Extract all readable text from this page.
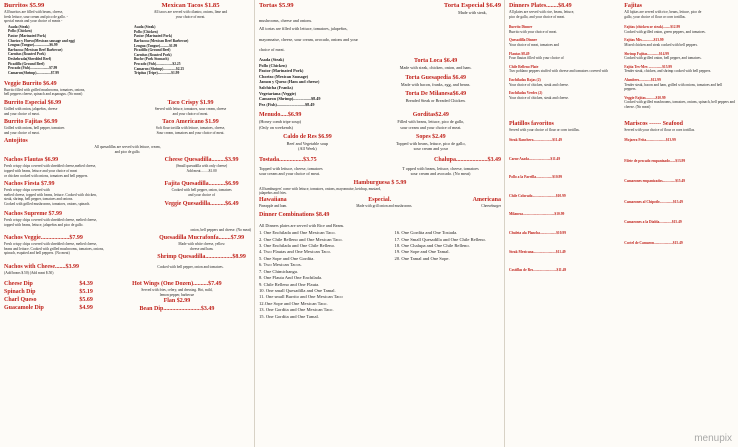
Burritos $5.99
All burritos are filled with beans, cheese,
fresh lettuce, sour cream and pico de gallo. -
special meats and your choice of meats -
Asada (Steak)
Pollo (Chicken)
Pastor (Marinated Pork)
Chorizo y Huevo(Mexican sausage and egg)
Lengua (Tongue).................$6.99
Barbacoa (Mexican Beef Barbecue)
Carnitas (Roasted Pork)
Deshebrada(Shredded Beef)
Picadillo (Ground Beef)
Pescado (Fish).....................$7.99
Camaron(Shrimp)................$7.99
Mexican Tacos $1.85
All tacos are served with cilantro, onions, lime and
your choice of meat.
Asada (Steak)
Pollo (Chicken)
Pastor (Marinated Pork)
Barbacoa (Mexican Beef Barbecue)
Lengua (Tongue)..........$1.99
Picadillo (Ground Beef)
Carnitas (Roasted Pork)
Buche (Pork Stomach)
Pescado (Fish)..................$2.25
Camaron (Shrimp)..............$2.25
Tripitas (Tripe)...............$1.99
Veggie Burrito $6.49
Burrito filled with grilled mushrooms, tomatoes, onions,
bell peppers cheese, spinach and asparagus. (No meat)
Burrito Especial $6.99
Grilled with onion, jalapeños, cheese
and your choice of meat.
Taco Crispy $1.99
Served with lettuce, tomatoes, sour cream, cheese
and your choice of meat.
Burrito Fajitas $6.99
Grilled with onions, bell pepper, tomatoes
and your choice of meat.
Taco Americano $1.99
Soft flour tortilla with lettuce, tomatoes, cheese,
Sour cream, tomatoes and your choice of meat.
Antojitos
All quesadillas are served with lettuce, cream,
and pico de gallo.
Nachos Flautas $6.99
Fresh crispy chips covered with shredded cheese,melted cheese,
topped with beans, lettuce and your choice of meat
or chicken cooked with onions, tomatoes and bell peppers.
Cheese Quesadilla.........$3.99
(Small quesadilla with only cheese)
Add meat.........$1.00
Nachos Fiesta $7.99
Fresh crispy chips covered with
melted cheese, topped with beans, lettuce. Cooked with chicken,
steak, shrimp, bell pepper, tomatoes and onions.
Cooked with grilled mushrooms, tomatoes, onions, spinach.
Fajita Quesadilla...........$6.99
Cooked with bell pepper, onion, tomatoes
and your choice of
Veggie Quesadilla..........$6.49
Nachos Supreme $7.99
Fresh crispy chips covered with shredded cheese, melted cheese,
topped with beans, lettuce, jalapeños and pico de gallo.
onion, bell peppers and cheese. (No meat)
Nachos Veggie...................$7.99
Fresh crispy chips covered with shredded cheese, melted cheese,
beans and lettuce. Cooked with grilled mushrooms, tomatoes, onions,
spinach, esquited and bell peppers. (No meat)
Quesadilla Mucrafonfa........$7.99
Made with white cheese, yellow
cheese and ham.
Shrimp Quesadilla..................$8.99
Nachos with Cheese.......$3.99
(Add beans $.50) (Add meat $.50)
Cooked with bell pepper, onion and tomatoes.
Cheese Dip	$4.39
Spinach Dip	$5.19
Charl Queso	$5.69
Guacamole Dip	$4.99
Hot Wings (One Dozen)..........$7.49
Served with fries, celery, and dressing. Hot, mild,
lemon pepper, barbecue
Flan $2.99
Bean Dip.........................$3.49
Tortas $5.99	Torta Especial $6.49
Made with steak,
mushrooms, cheese and onions.
All tortas are filled with lettuce, tomatoes, jalapeños,
mayonnaise, cheese, sour cream, avocado, onions and your
choice of meat.
Asada (Steak)
Pollo (Chicken)
Pastor (Marinated Pork)
Chorizo (Mexican Sausage)
Jamon y Queso (Ham and cheese)
Salchicha (Franks)
Vegetariana (Veggie)
Camaron (Shrimp).................$8.49
Pez (Fish)...........................$8.49
Torta Loca $6.49
Made with steak, chicken, onion, and ham.
Torta Guesapedia $6.49
Made with bacon, franks, egg, and beans.
Torta De Milanesa$6.49
Breaded Steak or Breaded Chicken.
Menudo.....$6.99
(Honey comb tripe soup)
(Only on weekends)
Gorditas$2.49
Filled with beans, lettuce, pico de gallo,
sour cream and your choice of meat.
Caldo de Res $6.99
Beef and Vegetable soup
(All Week)
Sopes $2.49
Topped with beans, lettuce, pico de gallo,
sour cream and your
Tostada................$3.75	Chalupa.....................$3.49
Topped with lettuce, cheese, tomatoes
sour cream and your choice of meat.
T opped with beans, lettuce, cheese, tomatoes
sour cream and avocado. (No meat)
Hamburguesa $ 5.99
All hamburgers' come with lettuce, tomatoes, onions, mayonnaise, ketchup, mustard,
jalapeños and fries.
Hawaiiana	Especial.	Americana
Pineapple and ham.	Made with grill onion and mushrooms.	Cheeseburger
Dinner Combinations $8.49
All Dinners plates are served with Rice and Beans.
1. One Enchilada and One Mexican Taco.
2. One Chile Relleno and One Mexican Taco.
3. One Enchilada and One Chile Relleno.
4. Two Flautas and One Mexican Taco.
5. One Sope and One Gordita.
6. Two Mexican Tacos.
7. One Chimichanga.
8. One Flauta And One Enchilada.
9. Chile Relleno and One Flauta.
10. One small Quesadilla and One Tamal.
11. One small Burrito and One Mexican Taco
12.One Sope and One Mexican Taco.
13. One Gordita and One Mexican Taco.
15. One Gordita and One Tamal.
16. One Gordita and One Tostada.
17. One Small Quesadilla and One Chile Relleno.
18. One Chalupa and One Chile Relleno.
19. One Sope and One Tamal.
20. One Tamal and One Sope.
Dinners Plates........$8.49	Fajitas
All plates are served with rice, beans, lettuce,
pico de gallo, and your choice of meat.
All fajitas are served with rice, beans, lettuce, pico de
gallo, your choice of flour or corn tortillas.
Burrito Dinner
Burrito with your choice of meat.
Quesadilla Dinner
Your choice of meat, tomatoes and
Flautas $8.49
Four flautas filled with your choice of
Chile Relleno Plate
Two poblano peppers stuffed with cheese and tomatoes covered with
Enchiladas Rojas (2)
Your choice of chicken, steak and cheese.
Enchiladas Verdes (2)
Your choice of chicken, steak and cheese.
Fajitas (chicken or steak)........$12.99
Cooked with grilled onion, green peppers, and tomatoes.
Fajitas Mix.............$13.99
Mixed chicken and steak cooked with bell peppers.
Shrimp Fajitas.............$14.99
Cooked with grilled onion, bell pepper, and tomatoes.
Fajita Tex-Mex ...............$15.99
Tender steak, chicken, and shrimp cooked with bell peppers.
Alambres.............$12.99
Tender steak, bacon and ham, grilled with onions, tomatoes and bell peppers.
Veggie Fajitas...........$10.99
Cooked with grilled mushrooms, tomatoes, onions, spinach, bell peppers and cheese. (No meat)
Platillos favoritos
Served with your choice of flour or corn tortillas.
Mariscos ------ Seafood
Served with your choice of flour or corn tortillas.
Steak Ranchero.....................$11.49
Carne Asada........................$11.49
Pollo a la Parrilla..................$10.99
Chile Colorado..........................$10.99
Milanesa...................................$10.99
Chuleta ala Plancha..................$10.99
Steak Mexicana.........................$11.49
Costillas de Res..........................$11.49
Mojarra Frita......................$13.99
Filete de pescado empanizado......$13.99
Camarones empanizados..............$15.49
Camarones al Chipotle...............$15.49
Camarones a la Diabla..............$15.49
Coctel de Camaron.....................$15.49
menupix
